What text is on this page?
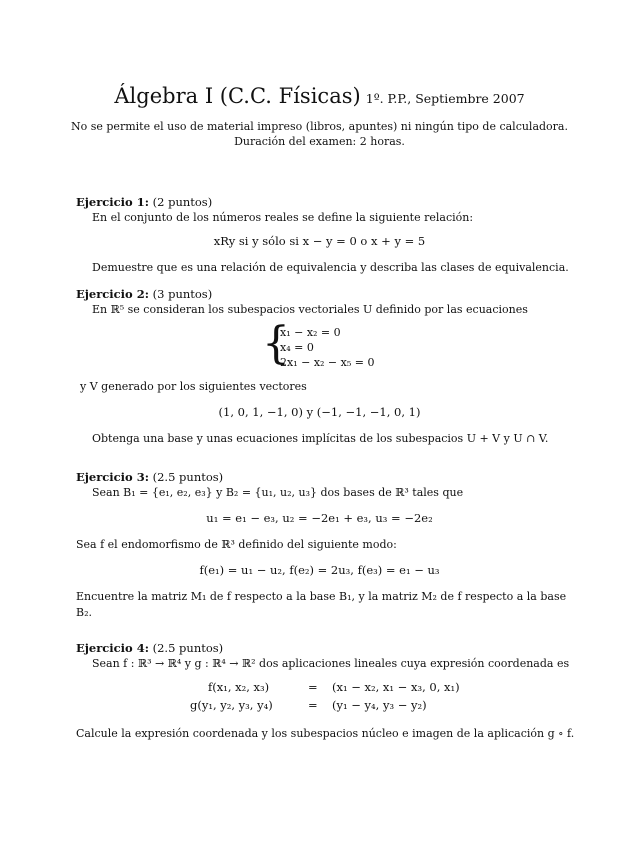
Álgebra I (C.C. Físicas) 1º. P.P., Septiembre 2007
No se permite el uso de material impreso (libros, apuntes) ni ningún tipo de calculadora.
Duración del examen: 2 horas.
Ejercicio 1: (2 puntos)
En el conjunto de los números reales se define la siguiente relación:
xRy si y sólo si x − y = 0 o x + y = 5
Demuestre que es una relación de equivalencia y describa las clases de equivalencia.
Ejercicio 2: (3 puntos)
En ℝ⁵ se consideran los subespacios vectoriales U definido por las ecuaciones
{
x₁ − x₂ = 0
x₄ = 0
2x₁ − x₂ − x₅ = 0
y V generado por los siguientes vectores
(1, 0, 1, −1, 0) y (−1, −1, −1, 0, 1)
Obtenga una base y unas ecuaciones implícitas de los subespacios U + V y U ∩ V.
Ejercicio 3: (2.5 puntos)
Sean B₁ = {e₁, e₂, e₃} y B₂ = {u₁, u₂, u₃} dos bases de ℝ³ tales que
u₁ = e₁ − e₃, u₂ = −2e₁ + e₃, u₃ = −2e₂
Sea f el endomorfismo de ℝ³ definido del siguiente modo:
f(e₁) = u₁ − u₂, f(e₂) = 2u₃, f(e₃) = e₁ − u₃
Encuentre la matriz M₁ de f respecto a la base B₁, y la matriz M₂ de f respecto a la base
B₂.
Ejercicio 4: (2.5 puntos)
Sean f : ℝ³ → ℝ⁴ y g : ℝ⁴ → ℝ² dos aplicaciones lineales cuya expresión coordenada es
f(x₁, x₂, x₃)	= (x₁ − x₂, x₁ − x₃, 0, x₁)
g(y₁, y₂, y₃, y₄)	= (y₁ − y₄, y₃ − y₂)
Calcule la expresión coordenada y los subespacios núcleo e imagen de la aplicación g ∘ f.
